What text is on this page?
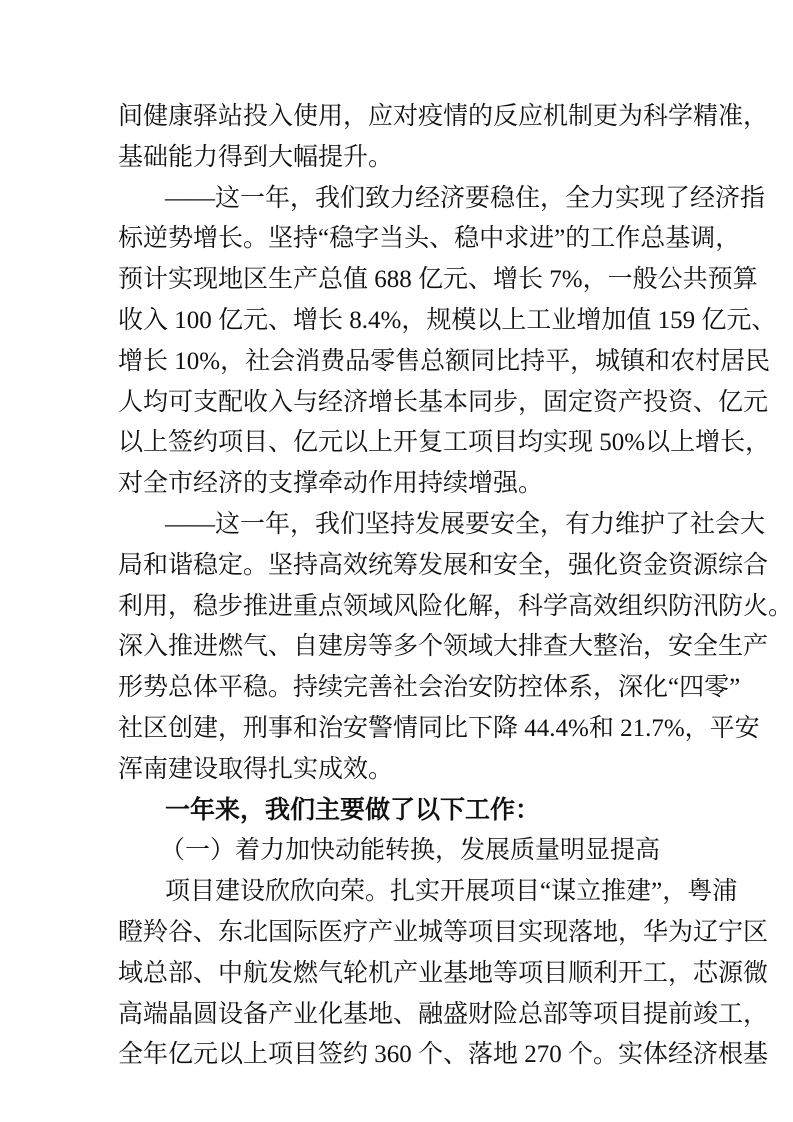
间健康驿站投入使用，应对疫情的反应机制更为科学精准，
基础能力得到大幅提升。
——这一年，我们致力经济要稳住，全力实现了经济指
标逆势增长。坚持“稳字当头、稳中求进”的工作总基调，
预计实现地区生产总值 688 亿元、增长 7%，一般公共预算
收入 100 亿元、增长 8.4%，规模以上工业增加值 159 亿元、
增长 10%，社会消费品零售总额同比持平，城镇和农村居民
人均可支配收入与经济增长基本同步，固定资产投资、亿元
以上签约项目、亿元以上开复工项目均实现 50%以上增长，
对全市经济的支撑牵动作用持续增强。
——这一年，我们坚持发展要安全，有力维护了社会大
局和谐稳定。坚持高效统筹发展和安全，强化资金资源综合
利用，稳步推进重点领域风险化解，科学高效组织防汛防火。
深入推进燃气、自建房等多个领域大排查大整治，安全生产
形势总体平稳。持续完善社会治安防控体系，深化“四零”
社区创建，刑事和治安警情同比下降 44.4%和 21.7%，平安
浑南建设取得扎实成效。
一年来，我们主要做了以下工作：
（一）着力加快动能转换，发展质量明显提高
项目建设欣欣向荣。扎实开展项目“谋立推建”，粤浦
瞪羚谷、东北国际医疗产业城等项目实现落地，华为辽宁区
域总部、中航发燃气轮机产业基地等项目顺利开工，芯源微
高端晶圆设备产业化基地、融盛财险总部等项目提前竣工，
全年亿元以上项目签约 360 个、落地 270 个。实体经济根基
